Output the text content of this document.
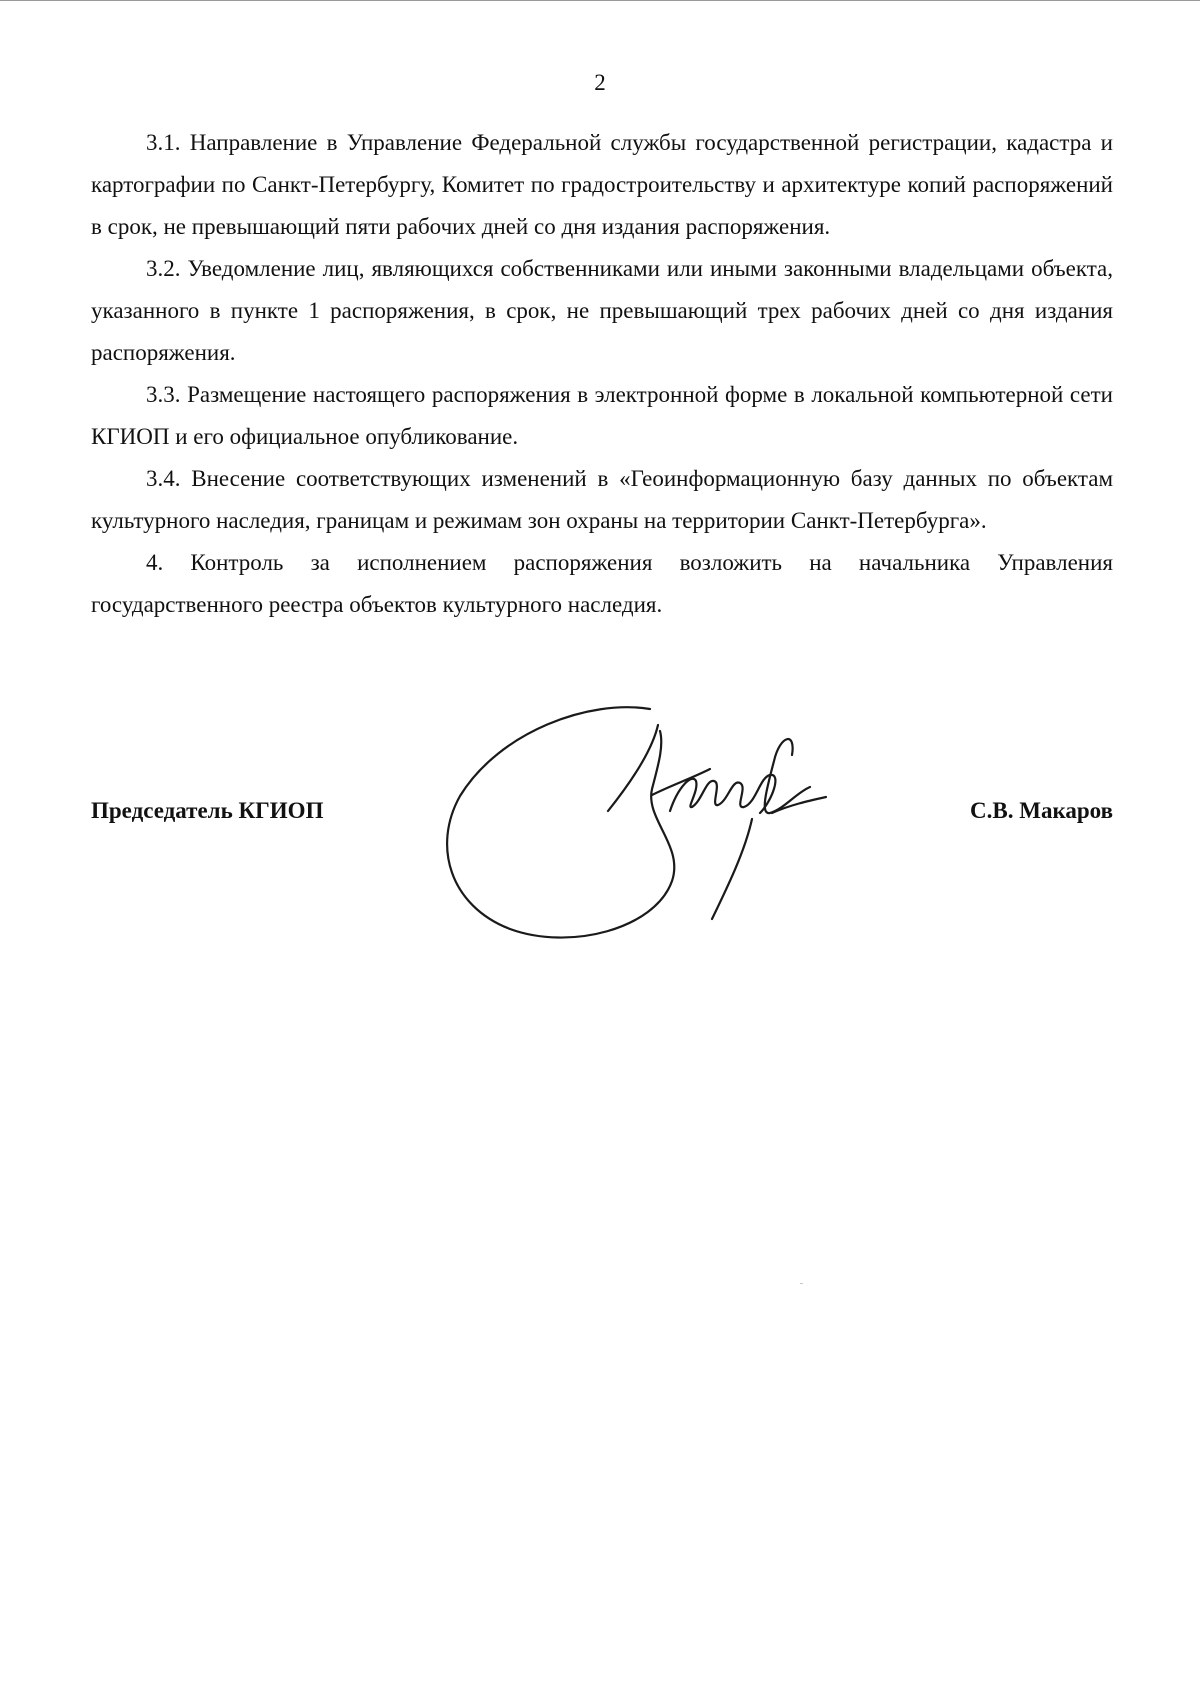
2

3.1. Направление в Управление Федеральной службы государственной регистрации, кадастра и картографии по Санкт-Петербургу, Комитет по градостроительству и архитектуре копий распоряжений в срок, не превышающий пяти рабочих дней со дня издания распоряжения.

3.2. Уведомление лиц, являющихся собственниками или иными законными владельцами объекта, указанного в пункте 1 распоряжения, в срок, не превышающий трех рабочих дней со дня издания распоряжения.

3.3. Размещение настоящего распоряжения в электронной форме в локальной компьютерной сети КГИОП и его официальное опубликование.

3.4. Внесение соответствующих изменений в «Геоинформационную базу данных по объектам культурного наследия, границам и режимам зон охраны на территории Санкт-Петербурга».

4. Контроль за исполнением распоряжения возложить на начальника Управления государственного реестра объектов культурного наследия.

Председатель КГИОП	С.В. Макаров
